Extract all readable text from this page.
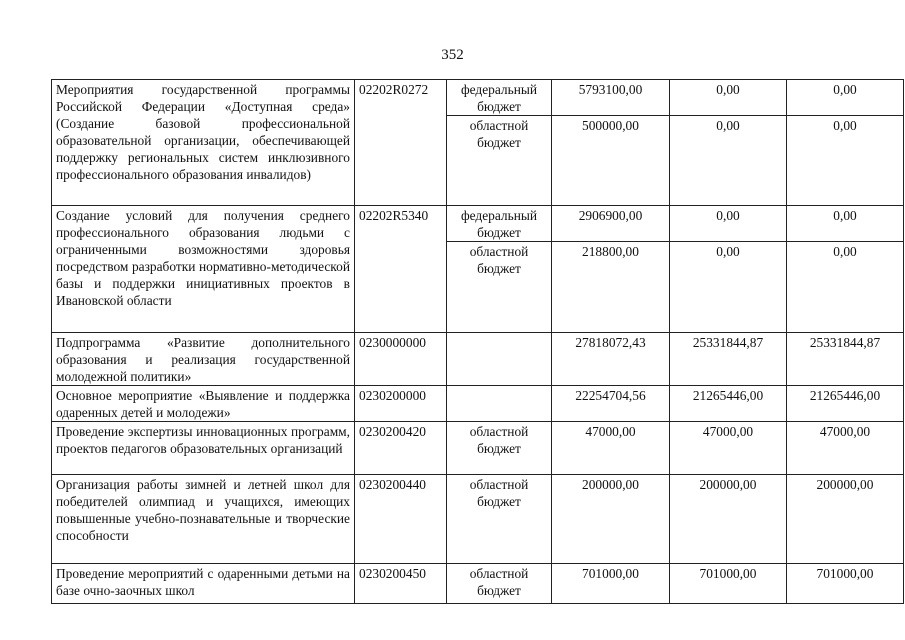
352
Мероприятия государственной программы Российской Федерации «Доступная среда» (Создание базовой профессиональной образовательной организации, обеспечивающей поддержку региональных систем инклюзивного профессионального образования инвалидов)	02202R0272	федеральный бюджет	5793100,00	0,00	0,00
		областной бюджет	500000,00	0,00	0,00
Создание условий для получения среднего профессионального образования людьми с ограниченными возможностями здоровья посредством разработки нормативно-методической базы и поддержки инициативных проектов в Ивановской области	02202R5340	федеральный бюджет	2906900,00	0,00	0,00
		областной бюджет	218800,00	0,00	0,00
Подпрограмма «Развитие дополнительного образования и реализация государственной молодежной политики»	0230000000		27818072,43	25331844,87	25331844,87
Основное мероприятие «Выявление и поддержка одаренных детей и молодежи»	0230200000		22254704,56	21265446,00	21265446,00
Проведение экспертизы инновационных программ, проектов педагогов образовательных организаций	0230200420	областной бюджет	47000,00	47000,00	47000,00
Организация работы зимней и летней школ для победителей олимпиад и учащихся, имеющих повышенные учебно-познавательные и творческие способности	0230200440	областной бюджет	200000,00	200000,00	200000,00
Проведение мероприятий с одаренными детьми на базе очно-заочных школ	0230200450	областной бюджет	701000,00	701000,00	701000,00
